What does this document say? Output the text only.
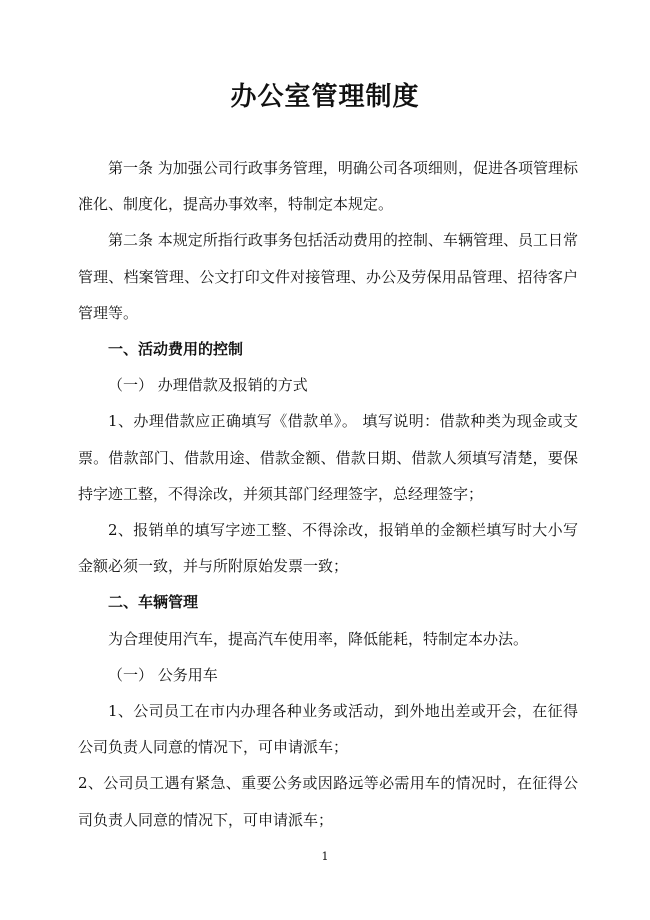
办公室管理制度

第一条 为加强公司行政事务管理，明确公司各项细则，促进各项管理标准化、制度化，提高办事效率，特制定本规定。

第二条 本规定所指行政事务包括活动费用的控制、车辆管理、员工日常管理、档案管理、公文打印文件对接管理、办公及劳保用品管理、招待客户管理等。

一、活动费用的控制

（一） 办理借款及报销的方式

1、办理借款应正确填写《借款单》。 填写说明：借款种类为现金或支票。借款部门、借款用途、借款金额、借款日期、借款人须填写清楚，要保持字迹工整，不得涂改，并须其部门经理签字，总经理签字；

2、报销单的填写字迹工整、不得涂改，报销单的金额栏填写时大小写金额必须一致，并与所附原始发票一致；

二、车辆管理

为合理使用汽车，提高汽车使用率，降低能耗，特制定本办法。

（一） 公务用车

1、公司员工在市内办理各种业务或活动，到外地出差或开会，在征得公司负责人同意的情况下，可申请派车；

2、公司员工遇有紧急、重要公务或因路远等必需用车的情况时，在征得公司负责人同意的情况下，可申请派车；

1
